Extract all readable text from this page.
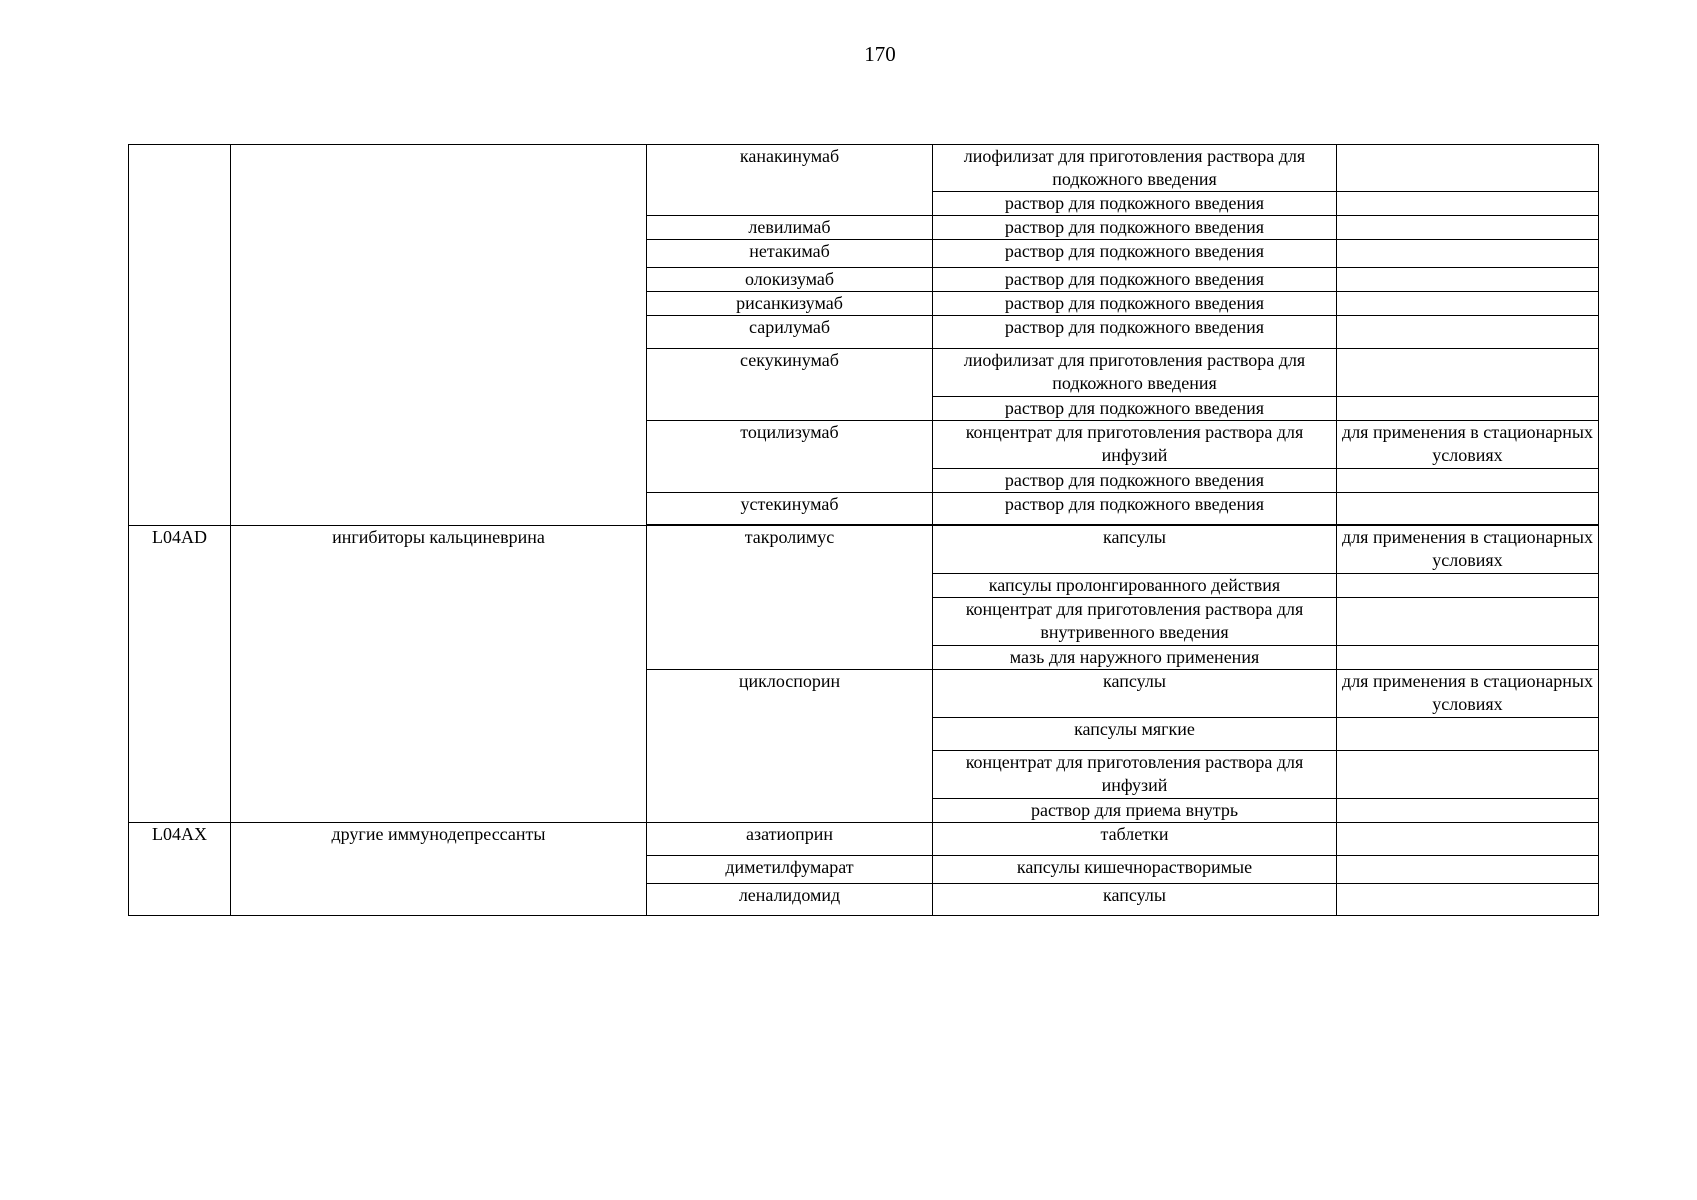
170
		канакинумаб	лиофилизат для приготовления раствора для подкожного введения	
			раствор для подкожного введения	
		левилимаб	раствор для подкожного введения	
		нетакимаб	раствор для подкожного введения	
		олокизумаб	раствор для подкожного введения	
		рисанкизумаб	раствор для подкожного введения	
		сарилумаб	раствор для подкожного введения	
		секукинумаб	лиофилизат для приготовления раствора для подкожного введения	
			раствор для подкожного введения	
		тоцилизумаб	концентрат для приготовления раствора для инфузий	для применения в стационарных условиях
			раствор для подкожного введения	
		устекинумаб	раствор для подкожного введения	

L04AD	ингибиторы кальциневрина	такролимус	капсулы	для применения в стационарных условиях
			капсулы пролонгированного действия	
			концентрат для приготовления раствора для внутривенного введения	
			мазь для наружного применения	
		циклоспорин	капсулы	для применения в стационарных условиях
			капсулы мягкие	
			концентрат для приготовления раствора для инфузий	
			раствор для приема внутрь	
L04AX	другие иммунодепрессанты	азатиоприн	таблетки	
		диметилфумарат	капсулы кишечнорастворимые	
		леналидомид	капсулы	
